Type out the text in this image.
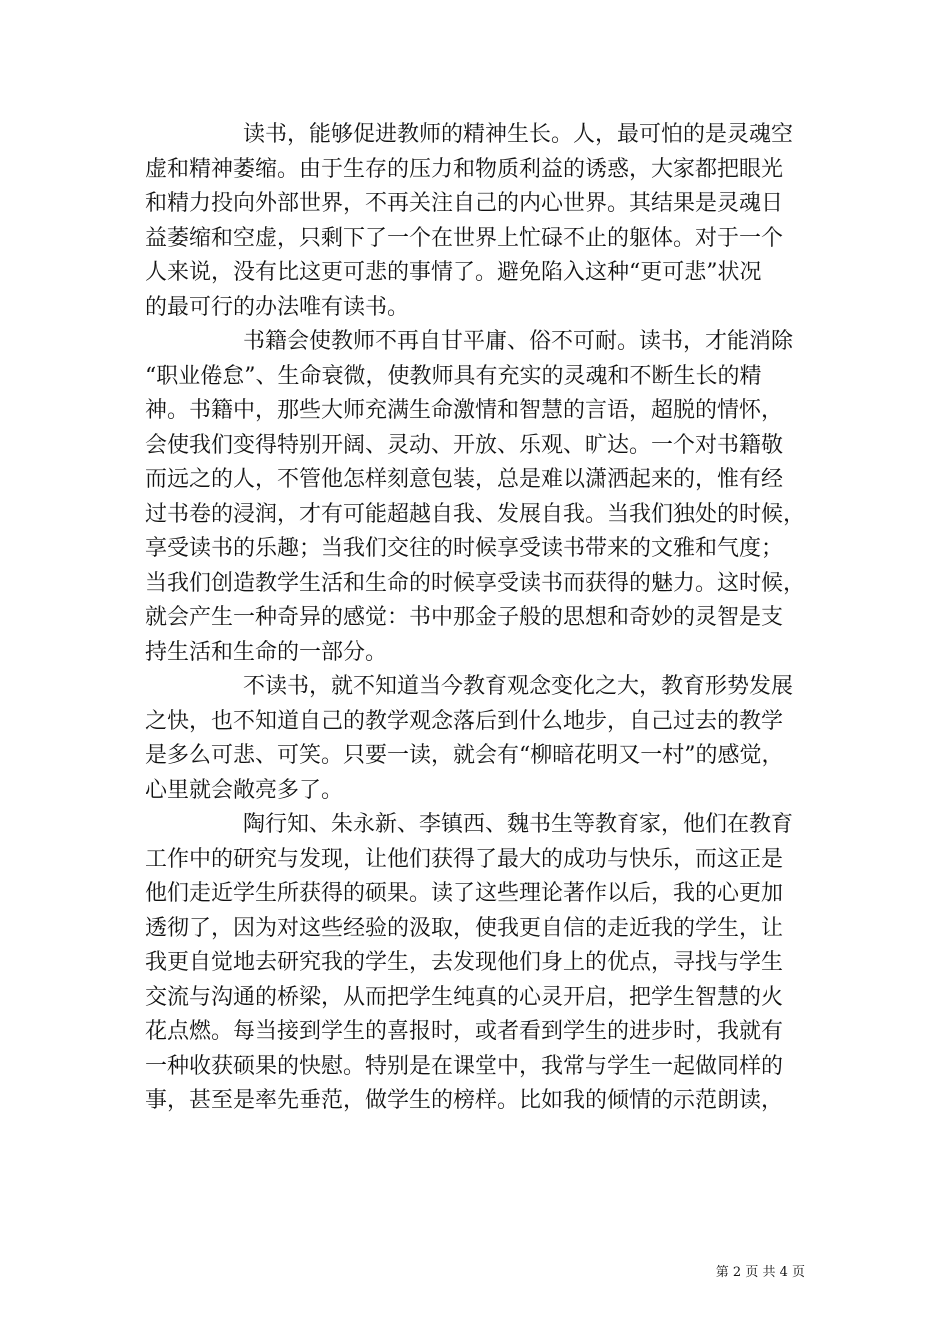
读书，能够促进教师的精神生长。人，最可怕的是灵魂空
虚和精神萎缩。由于生存的压力和物质利益的诱惑，大家都把眼光
和精力投向外部世界，不再关注自己的内心世界。其结果是灵魂日
益萎缩和空虚，只剩下了一个在世界上忙碌不止的躯体。对于一个
人来说，没有比这更可悲的事情了。避免陷入这种“更可悲”状况
的最可行的办法唯有读书。
书籍会使教师不再自甘平庸、俗不可耐。读书，才能消除
“职业倦怠”、生命衰微，使教师具有充实的灵魂和不断生长的精
神。书籍中，那些大师充满生命激情和智慧的言语，超脱的情怀，
会使我们变得特别开阔、灵动、开放、乐观、旷达。一个对书籍敬
而远之的人，不管他怎样刻意包装，总是难以潇洒起来的，惟有经
过书卷的浸润，才有可能超越自我、发展自我。当我们独处的时候，
享受读书的乐趣；当我们交往的时候享受读书带来的文雅和气度；
当我们创造教学生活和生命的时候享受读书而获得的魅力。这时候，
就会产生一种奇异的感觉：书中那金子般的思想和奇妙的灵智是支
持生活和生命的一部分。
不读书，就不知道当今教育观念变化之大，教育形势发展
之快，也不知道自己的教学观念落后到什么地步，自己过去的教学
是多么可悲、可笑。只要一读，就会有“柳暗花明又一村”的感觉，
心里就会敞亮多了。
陶行知、朱永新、李镇西、魏书生等教育家，他们在教育
工作中的研究与发现，让他们获得了最大的成功与快乐，而这正是
他们走近学生所获得的硕果。读了这些理论著作以后，我的心更加
透彻了，因为对这些经验的汲取，使我更自信的走近我的学生，让
我更自觉地去研究我的学生，去发现他们身上的优点，寻找与学生
交流与沟通的桥梁，从而把学生纯真的心灵开启，把学生智慧的火
花点燃。每当接到学生的喜报时，或者看到学生的进步时，我就有
一种收获硕果的快慰。特别是在课堂中，我常与学生一起做同样的
事，甚至是率先垂范，做学生的榜样。比如我的倾情的示范朗读，
第 2 页 共 4 页
